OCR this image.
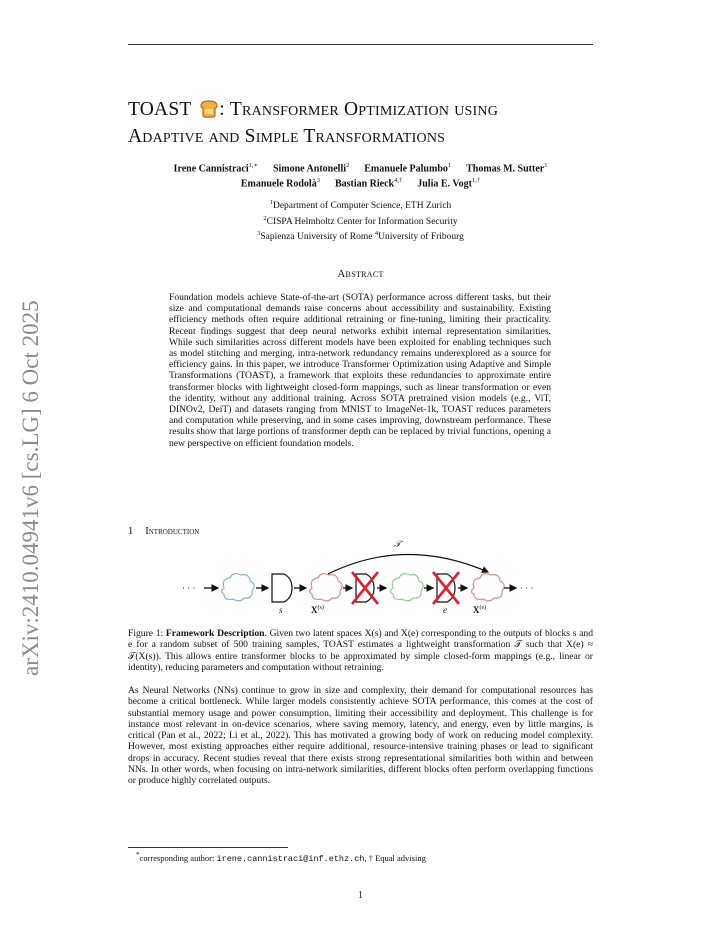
arXiv:2410.04941v6 [cs.LG] 6 Oct 2025
TOAST : Transformer Optimization using
Adaptive and Simple Transformations
Irene Cannistraci$^{1,∗}$ Simone Antonelli$^2$ Emanuele Palumbo$^1$ Thomas M. Sutter$^1$
Emanuele Rodolà$^3$ Bastian Rieck$^{4,\dagger}$ Julia E. Vogt$^{1,\dagger}$
$^1$Department of Computer Science, ETH Zurich
$^2$CISPA Helmholtz Center for Information Security
$^3$Sapienza University of Rome $^4$University of Fribourg
Abstract
Foundation models achieve State-of-the-art (SOTA) performance across different tasks, but their size and computational demands raise concerns about accessibility and sustainability. Existing efficiency methods often require additional retraining or fine-tuning, limiting their practicality. Recent findings suggest that deep neural networks exhibit internal representation similarities. While such similarities across different models have been exploited for enabling techniques such as model stitching and merging, intra-network redundancy remains underexplored as a source for efficiency gains. In this paper, we introduce Transformer Optimization using Adaptive and Simple Transformations (TOAST), a framework that exploits these redundancies to approximate entire transformer blocks with lightweight closed-form mappings, such as linear transformation or even the identity, without any additional training. Across SOTA pretrained vision models (e.g., ViT, DINOv2, DeiT) and datasets ranging from MNIST to ImageNet-1k, TOAST reduces parameters and computation while preserving, and in some cases improving, downstream performance. These results show that large portions of transformer depth can be replaced by trivial functions, opening a new perspective on efficient foundation models.
1 Introduction
· · ·
s	$X^{(s)}$	e	$X^{(e)}$
· · ·
𝒯
Figure 1: Framework Description. Given two latent spaces X(s) and X(e) corresponding to the outputs of blocks s and e for a random subset of 500 training samples, TOAST estimates a lightweight transformation 𝒯 such that X(e) ≈ 𝒯(X(s)). This allows entire transformer blocks to be approximated by simple closed-form mappings (e.g., linear or identity), reducing parameters and computation without retraining.
As Neural Networks (NNs) continue to grow in size and complexity, their demand for computational resources has become a critical bottleneck. While larger models consistently achieve SOTA performance, this comes at the cost of substantial memory usage and power consumption, limiting their accessibility and deployment. This challenge is for instance most relevant in on-device scenarios, where saving memory, latency, and energy, even by little margins, is critical (Pan et al., 2022; Li et al., 2022). This has motivated a growing body of work on reducing model complexity. However, most existing approaches either require additional, resource-intensive training phases or lead to significant drops in accuracy. Recent studies reveal that there exists strong representational similarities both within and between NNs. In other words, when focusing on intra-network similarities, different blocks often perform overlapping functions or produce highly correlated outputs.
*corresponding author: irene.cannistraci@inf.ethz.ch, † Equal advising
1
